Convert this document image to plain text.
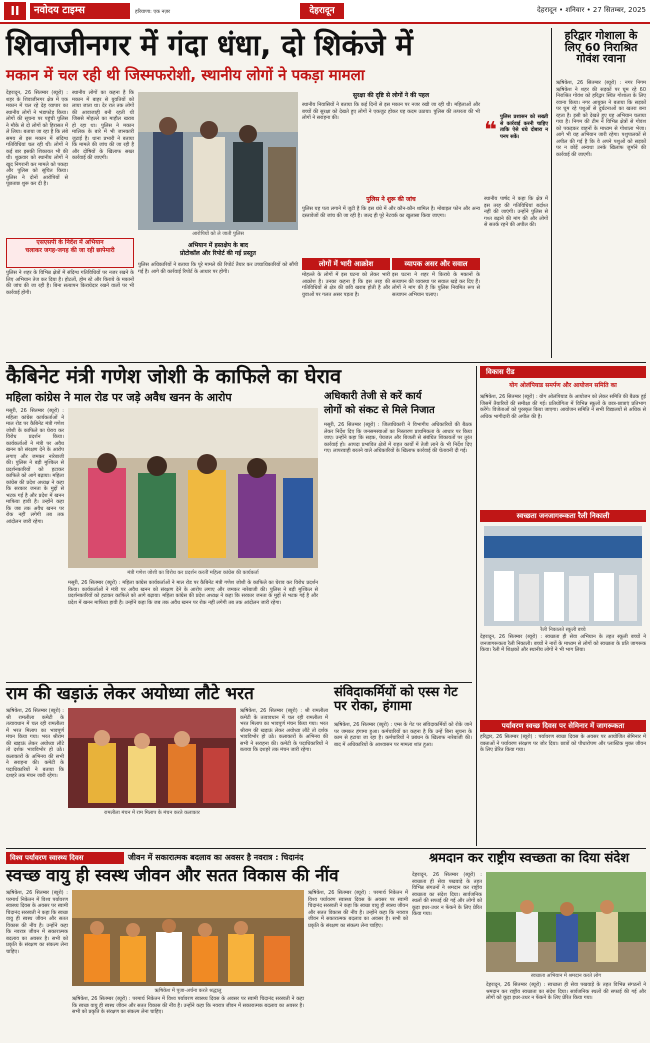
II	नवोदय टाइम्स	हरियाणा: एक नज़र	देहरादून	देहरादून • शनिवार • 27 सितम्बर, 2025
शिवाजीनगर में गंदा धंधा, दो शिकंजे में
मकान में चल रही थी जिस्मफरोशी, स्थानीय लोगों ने पकड़ा मामला
देहरादून, 26 सितम्बर (ब्यूरो) : शहर के शिवाजीनगर क्षेत्र में एक मकान में चल रहे देह व्यापार का स्थानीय लोगों ने भंडाफोड़ किया। लोगों की सूचना पर पहुंची पुलिस ने मौके से दो लोगों को हिरासत में ले लिया। बताया जा रहा है कि लंबे समय से इस मकान में संदिग्ध गतिविधियां चल रही थीं। लोगों ने कई बार इसकी शिकायत भी की थी। शुक्रवार को स्थानीय लोगों ने खुद निगरानी कर मामले को पकड़ा और पुलिस को सूचित किया। पुलिस ने दोनों आरोपियों से पूछताछ शुरू कर दी है।
स्थानीय लोगों का कहना है कि मकान में बाहर से युवतियों को लाया जाता था। देर रात तक लोगों की आवाजाही बनी रहती थी जिससे मोहल्ले का माहौल खराब हो रहा था। पुलिस ने मकान मालिक के बारे में भी जानकारी जुटाई है। थाना प्रभारी ने बताया कि मामले की जांच की जा रही है और दोषियों के खिलाफ सख्त कार्रवाई की जाएगी।
आरोपियों को ले जाती पुलिस
एसएसपी के निर्देश में अभियान
चलाकर जगह-जगह की जा रही छापेमारी
पुलिस ने शहर के विभिन्न क्षेत्रों में संदिग्ध गतिविधियों पर नजर रखने के लिए अभियान तेज कर दिया है। होटलों, होम स्टे और किराये के मकानों की जांच की जा रही है। बिना सत्यापन किरायेदार रखने वालों पर भी कार्रवाई होगी।
अभियान में हस्तक्षेप के बाद
प्रोटोकॉल और रिपोर्ट की गई प्रस्तुत
पुलिस अधिकारियों ने बताया कि पूरे मामले की रिपोर्ट तैयार कर उच्चाधिकारियों को सौंपी गई है। आगे की कार्रवाई रिपोर्ट के आधार पर होगी।
सुरक्षा की दृष्टि से लोगों ने की पहल
स्थानीय निवासियों ने बताया कि कई दिनों से इस मकान पर नजर रखी जा रही थी। महिलाओं और बच्चों की सुरक्षा को देखते हुए लोगों ने एकजुट होकर यह कदम उठाया। पुलिस की तत्परता की भी लोगों ने सराहना की।
पुलिस ने शुरू की जांच
पुलिस यह पता लगाने में जुटी है कि इस धंधे में और कौन-कौन शामिल है। मोबाइल फोन और अन्य दस्तावेजों की जांच की जा रही है। जल्द ही पूरे नेटवर्क का खुलासा किया जाएगा।
लोगों में भारी आक्रोश	व्यापक असर और सवाल
मोहल्ले के लोगों में इस घटना को लेकर भारी आक्रोश है। उनका कहना है कि इस तरह की गतिविधियों से क्षेत्र की छवि खराब होती है और युवाओं पर गलत असर पड़ता है।
इस घटना ने शहर में किराये के मकानों के सत्यापन की व्यवस्था पर सवाल खड़े कर दिए हैं। लोगों ने मांग की है कि पुलिस नियमित रूप से सत्यापन अभियान चलाए।
❝
पुलिस प्रशासन को सख्ती से कार्रवाई करनी चाहिए ताकि ऐसे धंधे दोबारा न पनप सकें।
स्थानीय पार्षद ने कहा कि क्षेत्र में इस तरह की गतिविधियां बर्दाश्त नहीं की जाएंगी। उन्होंने पुलिस से गश्त बढ़ाने की मांग की और लोगों से सतर्क रहने की अपील की।
हरिद्वार गोशाला के लिए 60 निराश्रित गोवंश रवाना
ऋषिकेश, 26 सितम्बर (ब्यूरो) : नगर निगम ऋषिकेश ने शहर की सड़कों पर घूम रहे 60 निराश्रित गोवंश को हरिद्वार स्थित गोशाला के लिए रवाना किया। नगर आयुक्त ने बताया कि सड़कों पर घूम रहे पशुओं से दुर्घटनाओं का खतरा बना रहता है। इसी को देखते हुए यह अभियान चलाया गया है। निगम की टीम ने विभिन्न क्षेत्रों से गोवंश को पकड़कर वाहनों के माध्यम से गोशाला भेजा। आगे भी यह अभियान जारी रहेगा। पशुपालकों से अपील की गई है कि वे अपने पशुओं को सड़कों पर न छोड़ें अन्यथा उनके खिलाफ जुर्माने की कार्रवाई की जाएगी।
कैबिनेट मंत्री गणेश जोशी के काफिले का घेराव
महिला कांग्रेस ने माल रोड पर जड़े अवैध खनन के आरोप
मसूरी, 26 सितम्बर (ब्यूरो) : महिला कांग्रेस कार्यकर्ताओं ने माल रोड पर कैबिनेट मंत्री गणेश जोशी के काफिले का घेराव कर विरोध प्रदर्शन किया। कार्यकर्ताओं ने मंत्री पर अवैध खनन को संरक्षण देने के आरोप लगाए और जमकर नारेबाजी की। पुलिस ने बड़ी मुश्किल से प्रदर्शनकारियों को हटाकर काफिले को आगे बढ़ाया। महिला कांग्रेस की प्रदेश अध्यक्ष ने कहा कि सरकार जनता के मुद्दों से भटक गई है और प्रदेश में खनन माफिया हावी है। उन्होंने कहा कि जब तक अवैध खनन पर रोक नहीं लगेगी तब तक आंदोलन जारी रहेगा।
मंत्री गणेश जोशी का विरोध कर प्रदर्शन करतीं महिला कांग्रेस की कार्यकर्ता
मसूरी, 26 सितम्बर (ब्यूरो) : महिला कांग्रेस कार्यकर्ताओं ने माल रोड पर कैबिनेट मंत्री गणेश जोशी के काफिले का घेराव कर विरोध प्रदर्शन किया। कार्यकर्ताओं ने मंत्री पर अवैध खनन को संरक्षण देने के आरोप लगाए और जमकर नारेबाजी की। पुलिस ने बड़ी मुश्किल से प्रदर्शनकारियों को हटाकर काफिले को आगे बढ़ाया। महिला कांग्रेस की प्रदेश अध्यक्ष ने कहा कि सरकार जनता के मुद्दों से भटक गई है और प्रदेश में खनन माफिया हावी है। उन्होंने कहा कि जब तक अवैध खनन पर रोक नहीं लगेगी तब तक आंदोलन जारी रहेगा।
अधिकारी तेजी से करें कार्य
लोगों को संकट से मिले निजात
मसूरी, 26 सितम्बर (ब्यूरो) : जिलाधिकारी ने विभागीय अधिकारियों की बैठक लेकर निर्देश दिए कि जनसमस्याओं का निस्तारण प्राथमिकता के आधार पर किया जाए। उन्होंने कहा कि सड़क, पेयजल और बिजली से संबंधित शिकायतों पर तुरंत कार्रवाई हो। आपदा प्रभावित क्षेत्रों में राहत कार्यों में तेजी लाने के भी निर्देश दिए गए। लापरवाही बरतने वाले अधिकारियों के खिलाफ कार्रवाई की चेतावनी दी गई।
विकास रीड
योग ओलंपियाड समर्पण और आयोजन समिति का
ऋषिकेश, 26 सितम्बर (ब्यूरो) : योग ओलंपियाड के आयोजन को लेकर समिति की बैठक हुई जिसमें तैयारियों की समीक्षा की गई। प्रतियोगिता में विभिन्न स्कूलों के छात्र-छात्राएं प्रतिभाग करेंगे। विजेताओं को पुरस्कृत किया जाएगा। आयोजन समिति ने सभी विद्यालयों से अधिक से अधिक भागीदारी की अपील की है।
स्वच्छता जनजागरूकता रैली निकाली
रैली निकालते स्कूली बच्चे
देहरादून, 26 सितम्बर (ब्यूरो) : स्वच्छता ही सेवा अभियान के तहत स्कूली बच्चों ने जनजागरूकता रैली निकाली। बच्चों ने नारों के माध्यम से लोगों को स्वच्छता के प्रति जागरूक किया। रैली में शिक्षकों और स्थानीय लोगों ने भी भाग लिया।
पर्यावरण स्वच्छ दिवस पर सेमिनार में जागरूकता
हरिद्वार, 26 सितम्बर (ब्यूरो) : पर्यावरण स्वच्छ दिवस के अवसर पर आयोजित सेमिनार में वक्ताओं ने पर्यावरण संरक्षण पर जोर दिया। छात्रों को पौधारोपण और प्लास्टिक मुक्त जीवन के लिए प्रेरित किया गया।
राम की खड़ाऊं लेकर अयोध्या लौटे भरत
ऋषिकेश, 26 सितम्बर (ब्यूरो) : श्री रामलीला कमेटी के तत्वावधान में चल रही रामलीला में भरत मिलाप का भावपूर्ण मंचन किया गया। भरत श्रीराम की खड़ाऊं लेकर अयोध्या लौटे तो दर्शक भावविभोर हो उठे। कलाकारों के अभिनय की सभी ने सराहना की। कमेटी के पदाधिकारियों ने बताया कि दशहरे तक मंचन जारी रहेगा।
रामलीला मंचन में राम मिलाप के मंचन करते कलाकार
ऋषिकेश, 26 सितम्बर (ब्यूरो) : श्री रामलीला कमेटी के तत्वावधान में चल रही रामलीला में भरत मिलाप का भावपूर्ण मंचन किया गया। भरत श्रीराम की खड़ाऊं लेकर अयोध्या लौटे तो दर्शक भावविभोर हो उठे। कलाकारों के अभिनय की सभी ने सराहना की। कमेटी के पदाधिकारियों ने बताया कि दशहरे तक मंचन जारी रहेगा।
संविदाकर्मियों को एस्स गेट पर रोका, हंगामा
ऋषिकेश, 26 सितम्बर (ब्यूरो) : एम्स के गेट पर संविदाकर्मियों को रोके जाने पर जमकर हंगामा हुआ। कर्मचारियों का कहना है कि उन्हें बिना सूचना के काम से हटाया जा रहा है। कर्मचारियों ने प्रबंधन के खिलाफ नारेबाजी की। बाद में अधिकारियों के आश्वासन पर मामला शांत हुआ।
विश्व पर्यावरण स्वास्थ्य दिवस	जीवन में सकारात्मक बदलाव का अवसर है नवरात्र : चिदानंद
स्वच्छ वायु ही स्वस्थ जीवन और सतत विकास की नींव
ऋषिकेश, 26 सितम्बर (ब्यूरो) : परमार्थ निकेतन में विश्व पर्यावरण स्वास्थ्य दिवस के अवसर पर स्वामी चिदानंद सरस्वती ने कहा कि स्वच्छ वायु ही स्वस्थ जीवन और सतत विकास की नींव है। उन्होंने कहा कि नवरात्र जीवन में सकारात्मक बदलाव का अवसर है। सभी को प्रकृति के संरक्षण का संकल्प लेना चाहिए।
ऋषिकेश में पूजा-अर्चना करते श्रद्धालु
ऋषिकेश, 26 सितम्बर (ब्यूरो) : परमार्थ निकेतन में विश्व पर्यावरण स्वास्थ्य दिवस के अवसर पर स्वामी चिदानंद सरस्वती ने कहा कि स्वच्छ वायु ही स्वस्थ जीवन और सतत विकास की नींव है। उन्होंने कहा कि नवरात्र जीवन में सकारात्मक बदलाव का अवसर है। सभी को प्रकृति के संरक्षण का संकल्प लेना चाहिए।
ऋषिकेश, 26 सितम्बर (ब्यूरो) : परमार्थ निकेतन में विश्व पर्यावरण स्वास्थ्य दिवस के अवसर पर स्वामी चिदानंद सरस्वती ने कहा कि स्वच्छ वायु ही स्वस्थ जीवन और सतत विकास की नींव है। उन्होंने कहा कि नवरात्र जीवन में सकारात्मक बदलाव का अवसर है। सभी को प्रकृति के संरक्षण का संकल्प लेना चाहिए।
श्रमदान कर राष्ट्रीय स्वच्छता का दिया संदेश
स्वच्छता अभियान में श्रमदान करते लोग
देहरादून, 26 सितम्बर (ब्यूरो) : स्वच्छता ही सेवा पखवाड़े के तहत विभिन्न संगठनों ने श्रमदान कर राष्ट्रीय स्वच्छता का संदेश दिया। सार्वजनिक स्थलों की सफाई की गई और लोगों को कूड़ा इधर-उधर न फेंकने के लिए प्रेरित किया गया।
देहरादून, 26 सितम्बर (ब्यूरो) : स्वच्छता ही सेवा पखवाड़े के तहत विभिन्न संगठनों ने श्रमदान कर राष्ट्रीय स्वच्छता का संदेश दिया। सार्वजनिक स्थलों की सफाई की गई और लोगों को कूड़ा इधर-उधर न फेंकने के लिए प्रेरित किया गया।
